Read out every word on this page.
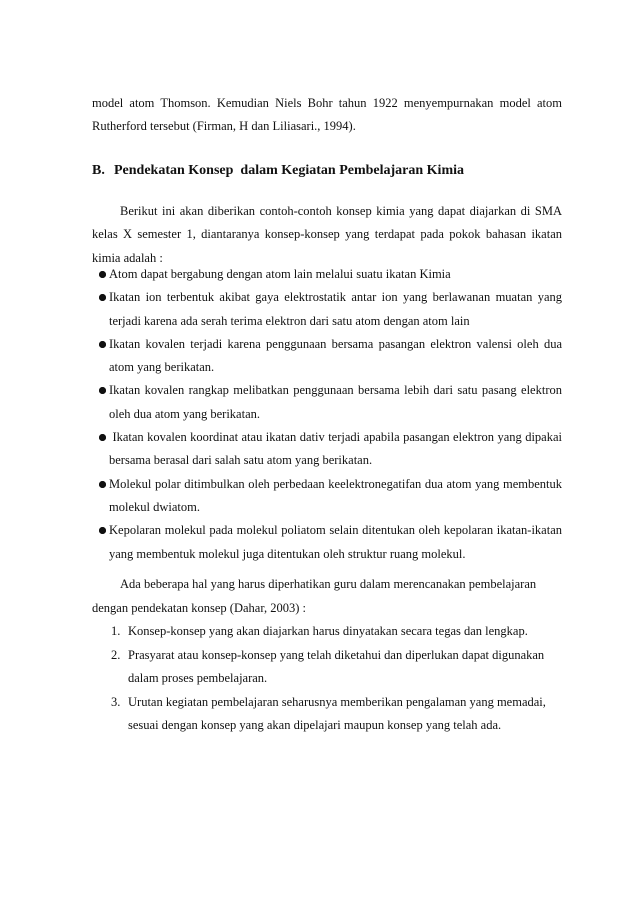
model atom Thomson. Kemudian Niels Bohr tahun 1922 menyempurnakan model atom Rutherford tersebut (Firman, H dan Liliasari., 1994).

B. Pendekatan Konsep  dalam Kegiatan Pembelajaran Kimia
Berikut ini akan diberikan contoh-contoh konsep kimia yang dapat diajarkan di SMA kelas X semester 1, diantaranya konsep-konsep yang terdapat pada pokok bahasan ikatan kimia adalah :
Atom dapat bergabung dengan atom lain melalui suatu ikatan Kimia
Ikatan ion terbentuk akibat gaya elektrostatik antar ion yang berlawanan muatan yang terjadi karena ada serah terima elektron dari satu atom dengan atom lain
Ikatan kovalen terjadi karena penggunaan bersama pasangan elektron valensi oleh dua atom yang berikatan.
Ikatan kovalen rangkap melibatkan penggunaan bersama lebih dari satu pasang elektron oleh dua atom yang berikatan.
Ikatan kovalen koordinat atau ikatan dativ terjadi apabila pasangan elektron yang dipakai bersama berasal dari salah satu atom yang berikatan.
Molekul polar ditimbulkan oleh perbedaan keelektronegatifan dua atom yang membentuk molekul dwiatom.
Kepolaran molekul pada molekul poliatom selain ditentukan oleh kepolaran ikatan-ikatan yang membentuk molekul juga ditentukan oleh struktur ruang molekul.
Ada beberapa hal yang harus diperhatikan guru dalam merencanakan pembelajaran dengan pendekatan konsep (Dahar, 2003) :
1. Konsep-konsep yang akan diajarkan harus dinyatakan secara tegas dan lengkap.
2. Prasyarat atau konsep-konsep yang telah diketahui dan diperlukan dapat digunakan dalam proses pembelajaran.
3. Urutan kegiatan pembelajaran seharusnya memberikan pengalaman yang memadai, sesuai dengan konsep yang akan dipelajari maupun konsep yang telah ada.
